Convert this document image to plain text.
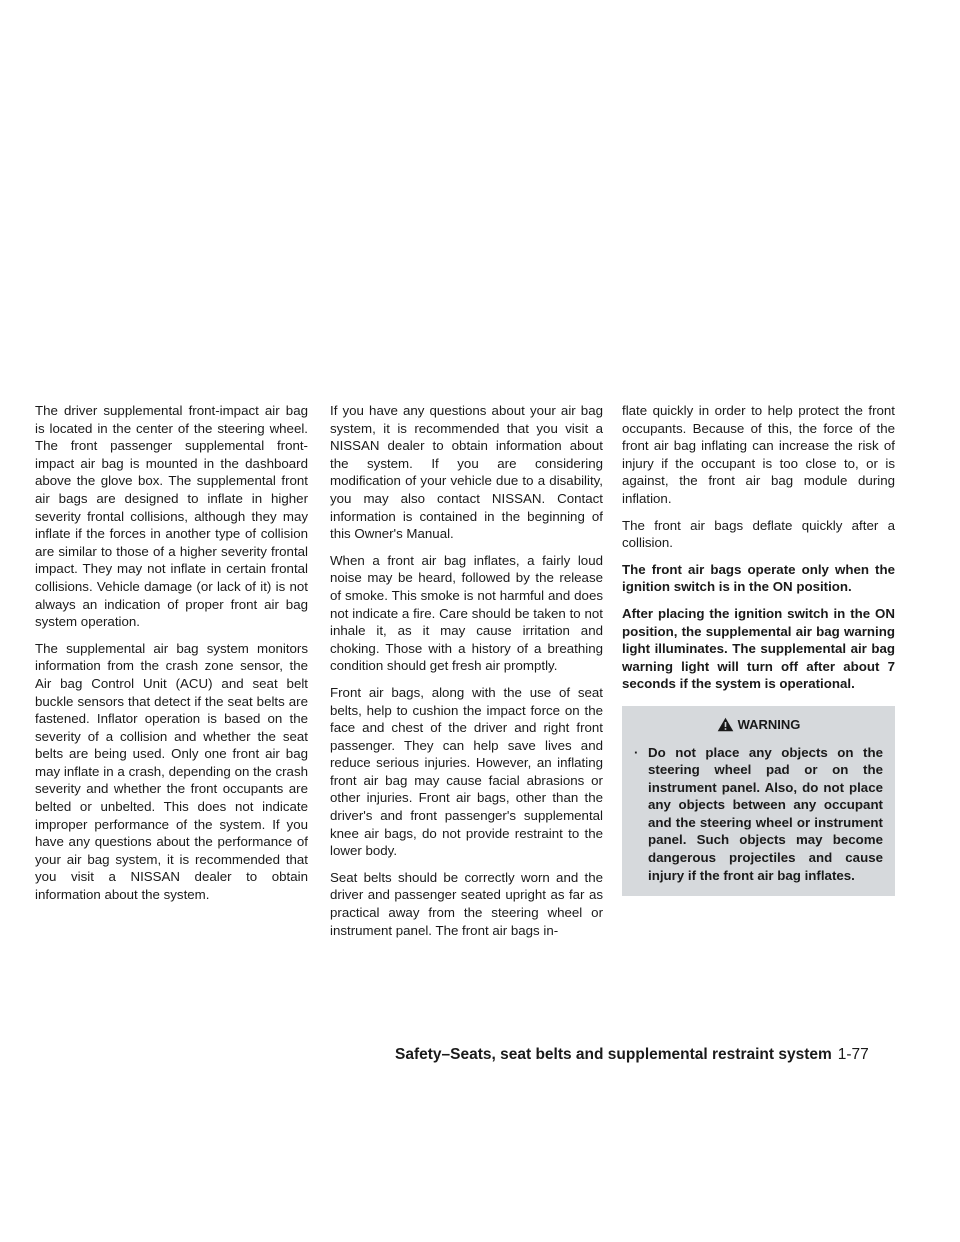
The driver supplemental front-impact air bag is located in the center of the steering wheel. The front passenger supplemental front-impact air bag is mounted in the dashboard above the glove box. The supplemental front air bags are designed to inflate in higher severity frontal collisions, although they may inflate if the forces in another type of collision are similar to those of a higher severity frontal impact. They may not inflate in certain frontal collisions. Vehicle damage (or lack of it) is not always an indication of proper front air bag system operation.

The supplemental air bag system monitors information from the crash zone sensor, the Air bag Control Unit (ACU) and seat belt buckle sensors that detect if the seat belts are fastened. Inflator operation is based on the severity of a collision and whether the seat belts are being used. Only one front air bag may inflate in a crash, depending on the crash severity and whether the front occupants are belted or unbelted. This does not indicate improper performance of the system. If you have any questions about the performance of your air bag system, it is recommended that you visit a NISSAN dealer to obtain information about the system.

If you have any questions about your air bag system, it is recommended that you visit a NISSAN dealer to obtain information about the system. If you are considering modification of your vehicle due to a disability, you may also contact NISSAN. Contact information is contained in the beginning of this Owner's Manual.

When a front air bag inflates, a fairly loud noise may be heard, followed by the release of smoke. This smoke is not harmful and does not indicate a fire. Care should be taken to not inhale it, as it may cause irritation and choking. Those with a history of a breathing condition should get fresh air promptly.

Front air bags, along with the use of seat belts, help to cushion the impact force on the face and chest of the driver and right front passenger. They can help save lives and reduce serious injuries. However, an inflating front air bag may cause facial abrasions or other injuries. Front air bags, other than the driver's and front passenger's supplemental knee air bags, do not provide restraint to the lower body.

Seat belts should be correctly worn and the driver and passenger seated upright as far as practical away from the steering wheel or instrument panel. The front air bags in-

flate quickly in order to help protect the front occupants. Because of this, the force of the front air bag inflating can increase the risk of injury if the occupant is too close to, or is against, the front air bag module during inflation.

The front air bags deflate quickly after a collision.

The front air bags operate only when the ignition switch is in the ON position.

After placing the ignition switch in the ON position, the supplemental air bag warning light illuminates. The supplemental air bag warning light will turn off after about 7 seconds if the system is operational.

WARNING
· Do not place any objects on the steering wheel pad or on the instrument panel. Also, do not place any objects between any occupant and the steering wheel or instrument panel. Such objects may become dangerous projectiles and cause injury if the front air bag inflates.
Safety–Seats, seat belts and supplemental restraint system 1-77
